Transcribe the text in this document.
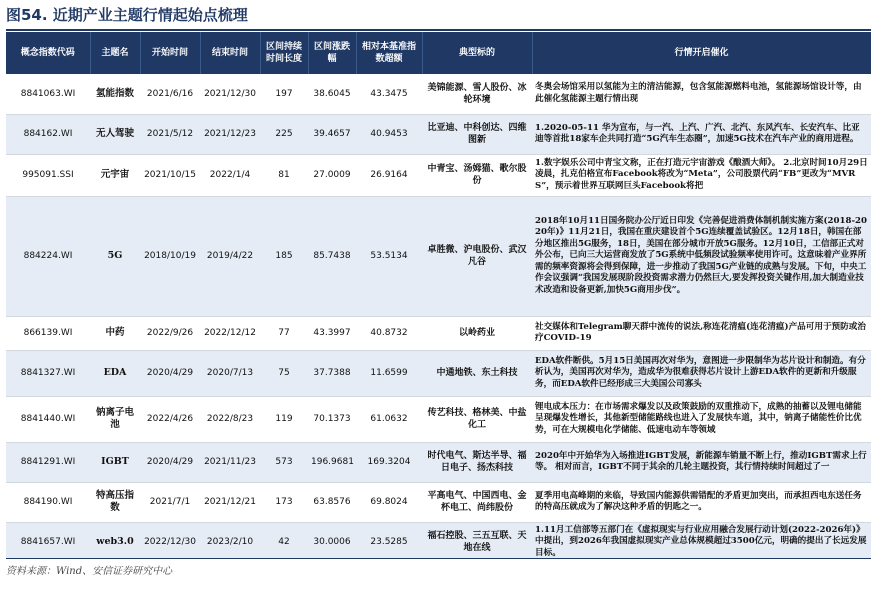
图54. 近期产业主题行情起始点梳理
概念指数代码	主题名	开始时间	结束时间	区间持续时间长度	区间涨跌幅	相对本基准指数超额	典型标的	行情开启催化
8841063.WI	氢能指数	2021/6/16	2021/12/30	197	38.6045	43.3475	美锦能源、雪人股份、冰轮环境	冬奥会场馆采用以氢能为主的清洁能源，包含氢能源燃料电池，氢能源场馆设计等，由此催化氢能源主题行情出现
884162.WI	无人驾驶	2021/5/12	2021/12/23	225	39.4657	40.9453	比亚迪、中科创达、四维图新	1.2020-05-11 华为宣布，与一汽、上汽、广汽、北汽、东风汽车、长安汽车、比亚迪等首批18家车企共同打造“5G汽车生态圈”，加速5G技术在汽车产业的商用进程。
995091.SSI	元宇宙	2021/10/15	2022/1/4	81	27.0009	26.9164	中青宝、汤姆猫、歌尔股份	1.数字娱乐公司中青宝文称，正在打造元宇宙游戏《酿酒大师》。 2.北京时间10月29日凌晨，扎克伯格宣布Facebook将改为“Meta”，公司股票代码“FB”更改为“MVRS”，预示着世界互联网巨头Facebook将把
884224.WI	5G	2018/10/19	2019/4/22	185	85.7438	53.5134	卓胜微、沪电股份、武汉凡谷	2018年10月11日国务院办公厅近日印发《完善促进消费体制机制实施方案(2018-2020年)》11月21日，我国在重庆建设首个5G连续覆盖试验区。12月18日，韩国在部分地区推出5G服务，18日，美国在部分城市开放5G服务。12月10日，工信部正式对外公布，已向三大运营商发放了5G系统中低频段试验频率使用许可。这意味着产业界所需的频率资源将会得到保障，进一步推动了我国5G产业链的成熟与发展。下旬，中央工作会议强调“我国发展现阶段投资需求潜力仍然巨大,要发挥投资关键作用,加大制造业技术改造和设备更新,加快5G商用步伐”。
866139.WI	中药	2022/9/26	2022/12/12	77	43.3997	40.8732	以岭药业	社交媒体和Telegram聊天群中流传的说法,称连花清瘟(连花清瘟)产品可用于预防或治疗COVID-19
8841327.WI	EDA	2020/4/29	2020/7/13	75	37.7388	11.6599	中通地铁、东土科技	EDA软件断供。5月15日美国再次对华为，意图进一步限制华为芯片设计和制造。有分析认为，美国再次对华为，造成华为很难获得芯片设计上游EDA软件的更新和升级服务，而EDA软件已经形成三大美国公司寡头
8841440.WI	钠离子电池	2022/4/26	2022/8/23	119	70.1373	61.0632	传艺科技、格林美、中盐化工	锂电成本压力：在市场需求爆发以及政策鼓励的双重推动下，成熟的抽蓄以及锂电储能呈现爆发性增长，其他新型储能路线也进入了发展快车道，其中，钠离子储能性价比优势，可在大规模电化学储能、低速电动车等领域
8841291.WI	IGBT	2020/4/29	2021/11/23	573	196.9681	169.3204	时代电气、斯达半导、福日电子、扬杰科技	2020年中开始华为入场推进IGBT发展，新能源车销量不断上行，推动IGBT需求上行等。 相对而言，IGBT不同于其余的几轮主题投资，其行情持续时间超过了一
884190.WI	特高压指数	2021/7/1	2021/12/21	173	63.8576	69.8024	平高电气、中国西电、金杯电工、尚纬股份	夏季用电高峰期的来临，导致国内能源供需错配的矛盾更加突出，而承担西电东送任务的特高压就成为了解决这种矛盾的钥匙之一。
8841657.WI	web3.0	2022/12/30	2023/2/10	42	30.0006	23.5285	福石控股、三五互联、天地在线	1.11月工信部等五部门在《虚拟现实与行业应用融合发展行动计划(2022-2026年)》中提出，到2026年我国虚拟现实产业总体规模超过3500亿元，明确的提出了长远发展目标。
资料来源：Wind、安信证券研究中心
